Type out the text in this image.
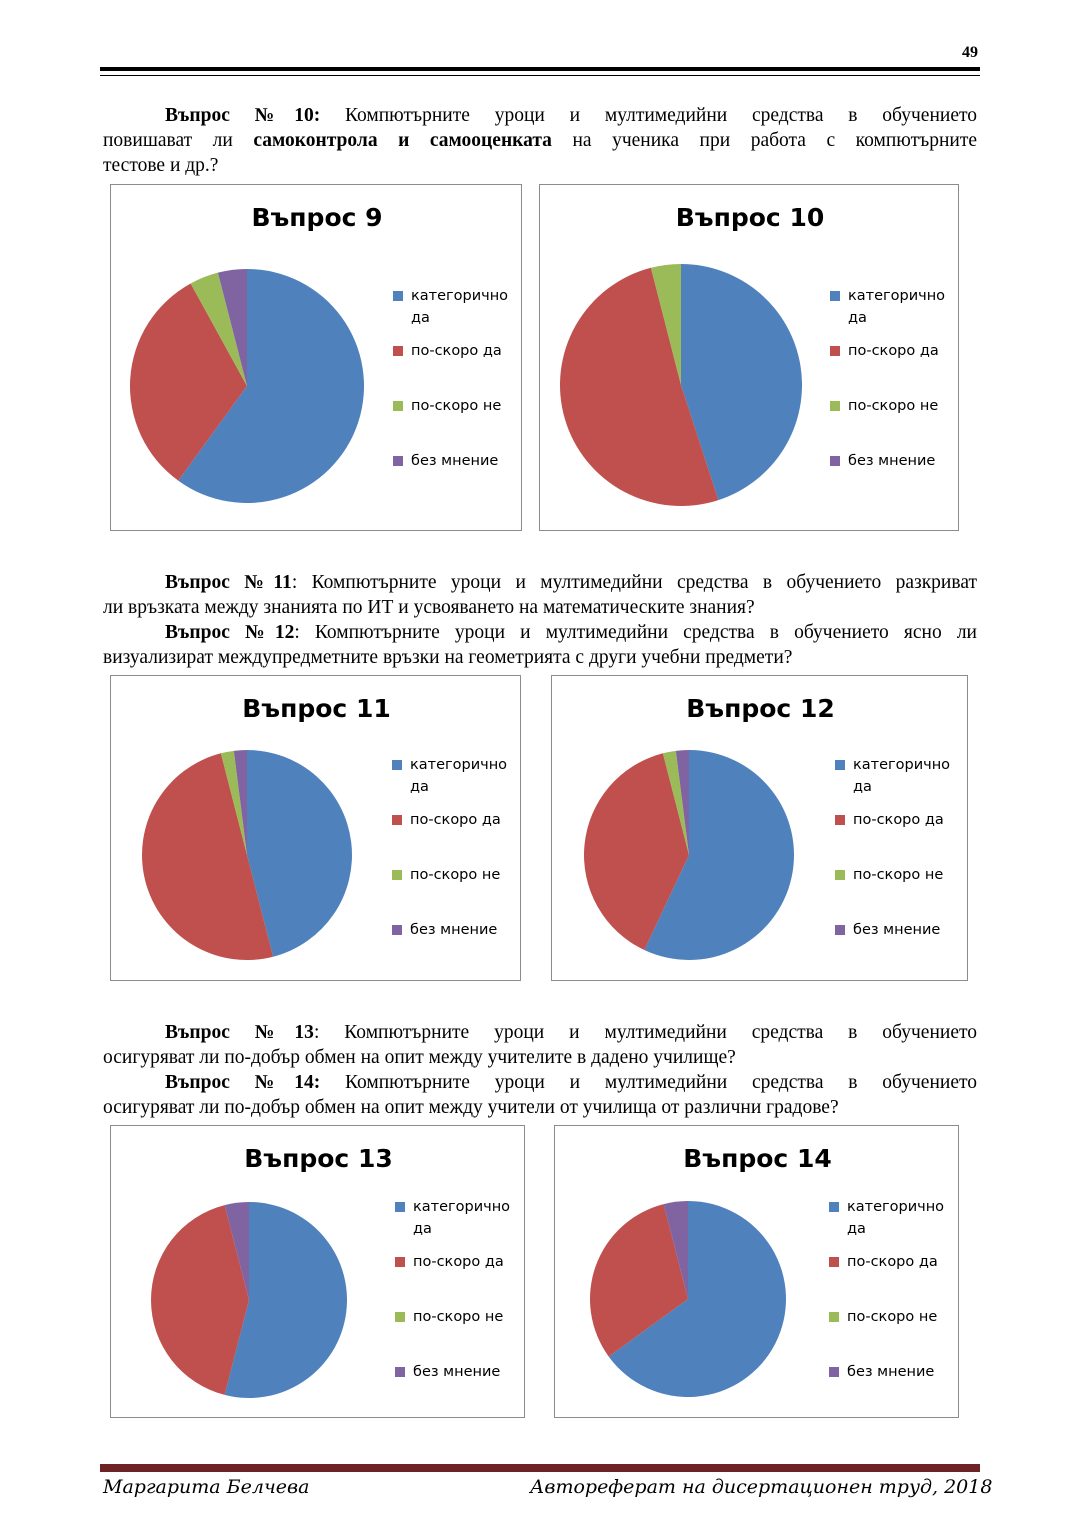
49
Въпрос №10: Компютърните уроци и мултимедийни средства в обучението
повишават ли самоконтрола и самооценката на ученика при работа с компютърните
тестове и др.?
Въпрос 9
категорично да
по-скоро да
по-скоро не
без мнение
Въпрос 10
категорично да
по-скоро да
по-скоро не
без мнение
Въпрос №11: Компютърните уроци и мултимедийни средства в обучението разкриват
ли връзката между знанията по ИТ и усвояването на математическите знания?
Въпрос №12: Компютърните уроци и мултимедийни средства в обучението ясно ли
визуализират междупредметните връзки на геометрията с други учебни предмети?
Въпрос 11
категорично да
по-скоро да
по-скоро не
без мнение
Въпрос 12
категорично да
по-скоро да
по-скоро не
без мнение
Въпрос №13: Компютърните уроци и мултимедийни средства в обучението
осигуряват ли по-добър обмен на опит между учителите в дадено училище?
Въпрос №14: Компютърните уроци и мултимедийни средства в обучението
осигуряват ли по-добър обмен на опит между учители от училища от различни градове?
Въпрос 13
категорично да
по-скоро да
по-скоро не
без мнение
Въпрос 14
категорично да
по-скоро да
по-скоро не
без мнение
Маргарита Белчева	Автореферат на дисертационен труд, 2018
